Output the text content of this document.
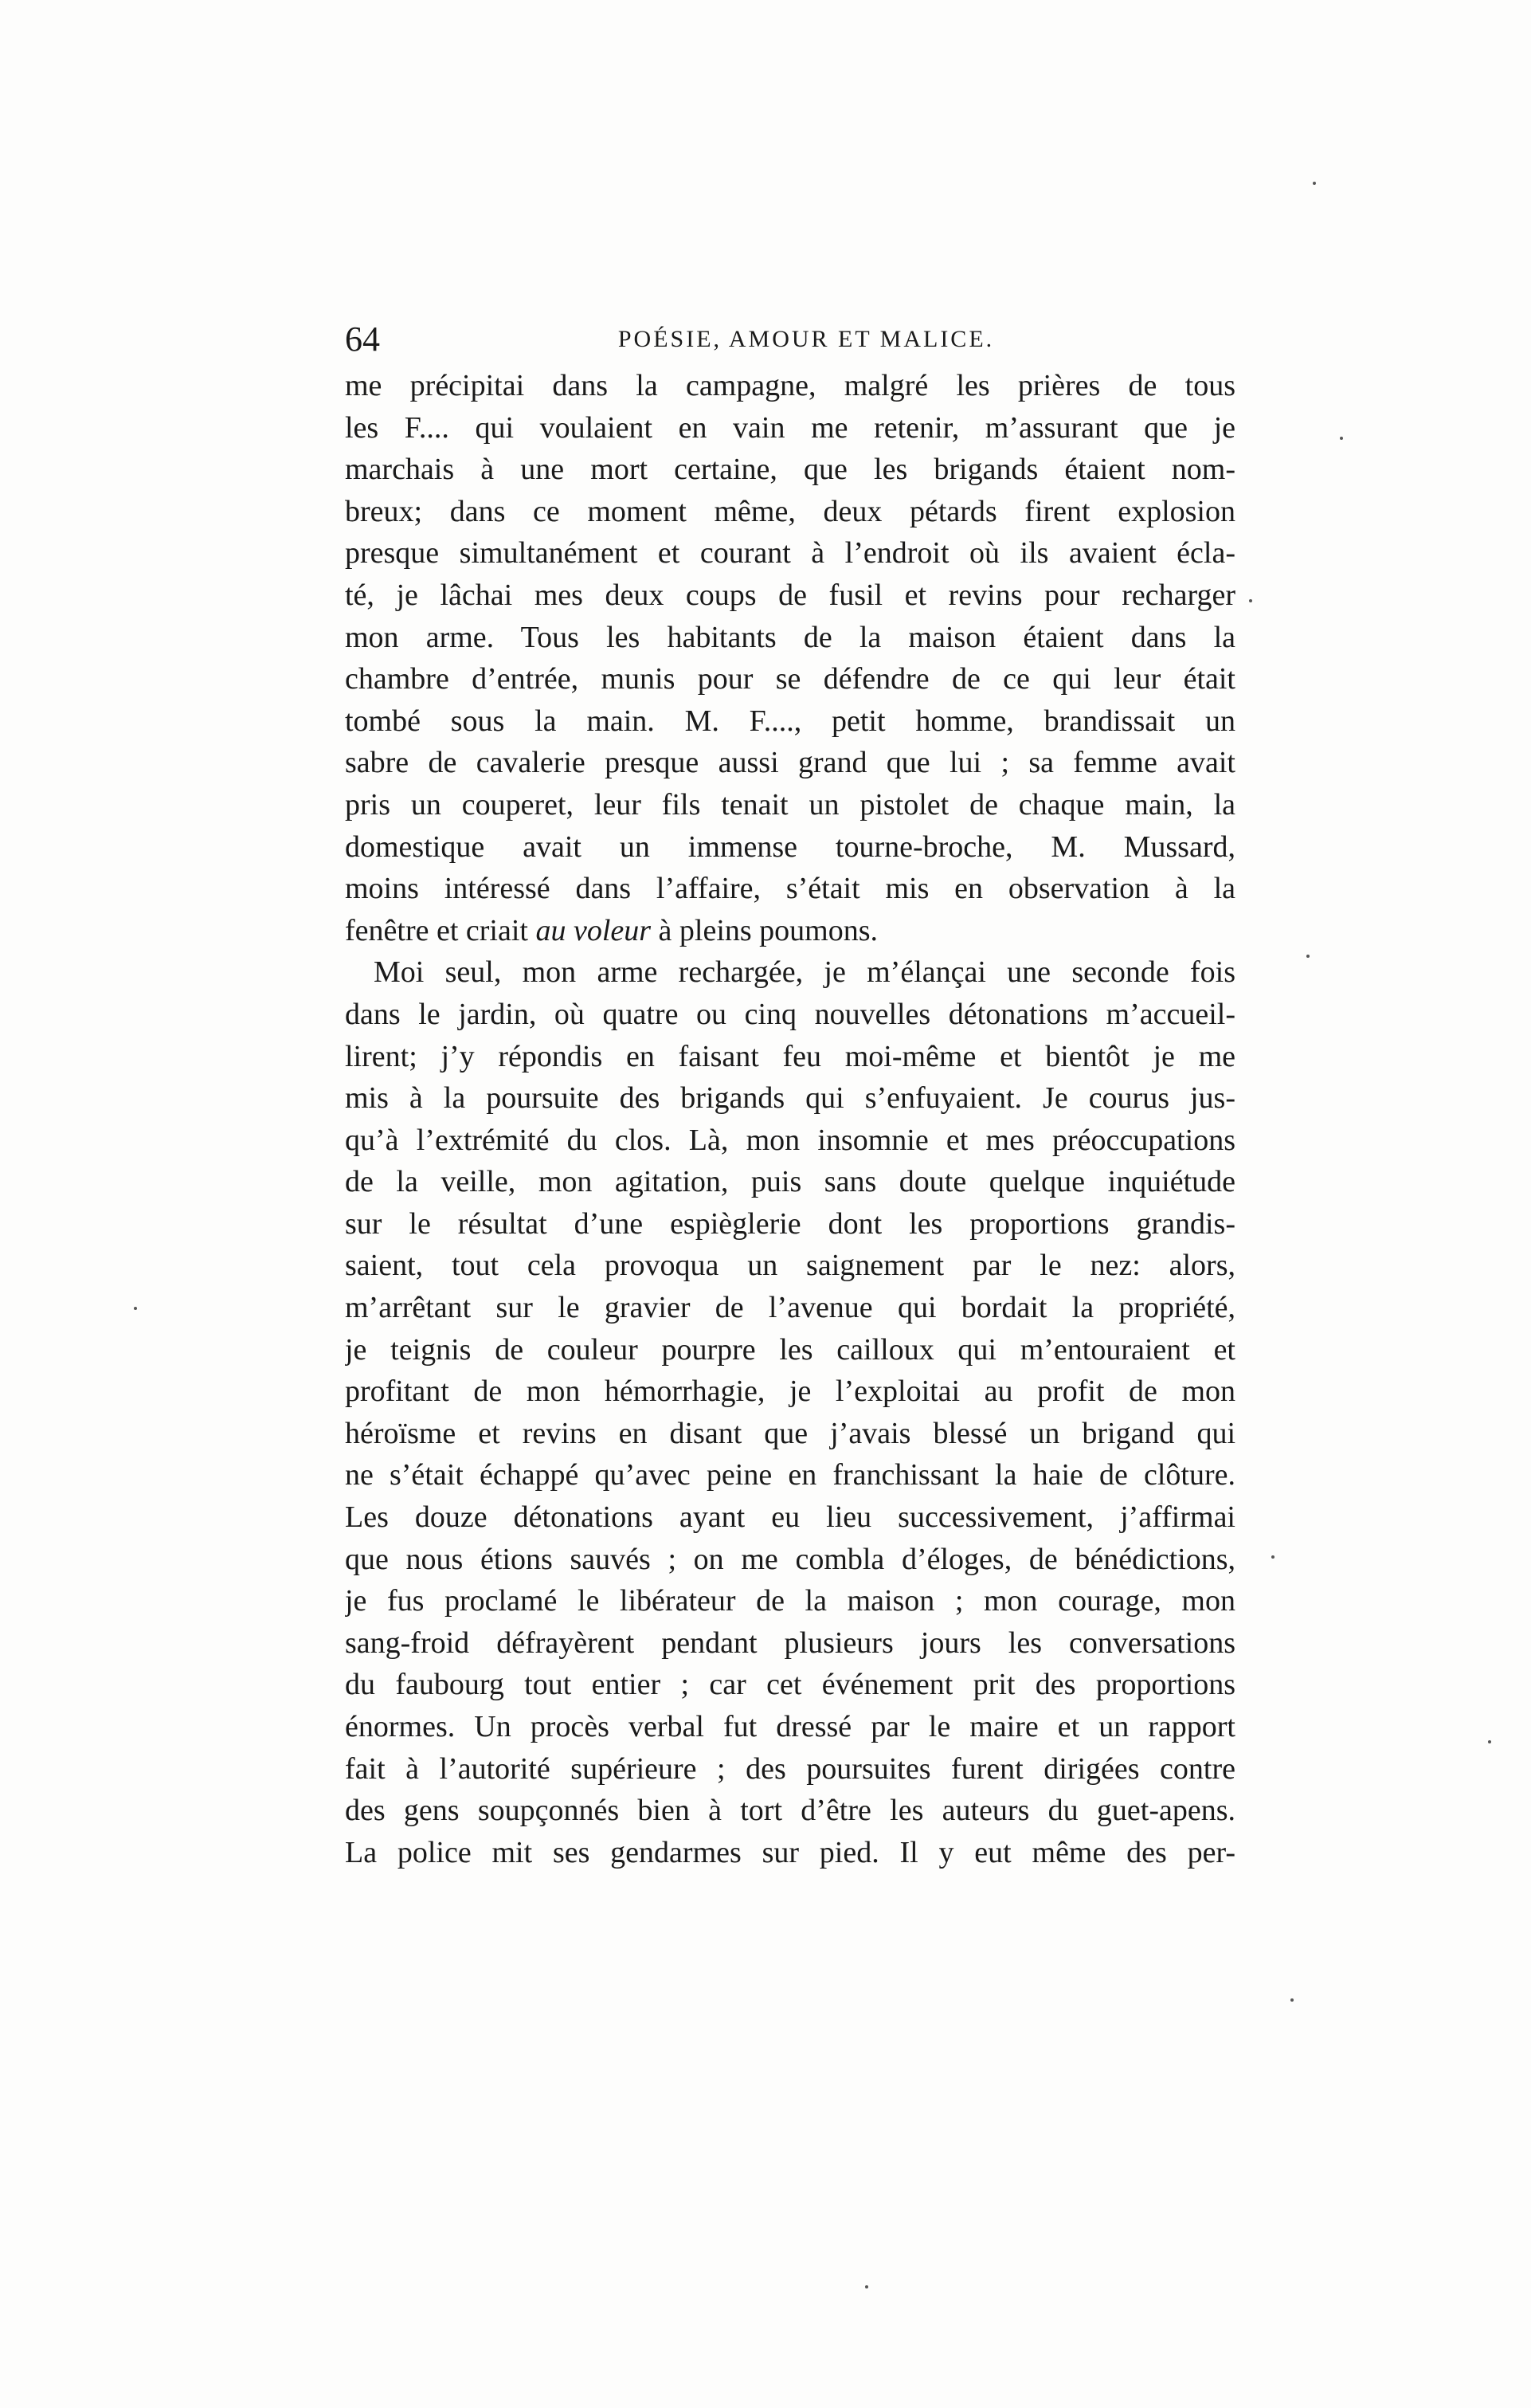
64	POÉSIE, AMOUR ET MALICE.
me précipitai dans la campagne, malgré les prières de tous
les F.... qui voulaient en vain me retenir, m’assurant que je
marchais à une mort certaine, que les brigands étaient nom-
breux; dans ce moment même, deux pétards firent explosion
presque simultanément et courant à l’endroit où ils avaient écla-
té, je lâchai mes deux coups de fusil et revins pour recharger
mon arme. Tous les habitants de la maison étaient dans la
chambre d’entrée, munis pour se défendre de ce qui leur était
tombé sous la main. M. F...., petit homme, brandissait un
sabre de cavalerie presque aussi grand que lui ; sa femme avait
pris un couperet, leur fils tenait un pistolet de chaque main, la
domestique avait un immense tourne-broche, M. Mussard,
moins intéressé dans l’affaire, s’était mis en observation à la
fenêtre et criait au voleur à pleins poumons.
Moi seul, mon arme rechargée, je m’élançai une seconde fois
dans le jardin, où quatre ou cinq nouvelles détonations m’accueil-
lirent; j’y répondis en faisant feu moi-même et bientôt je me
mis à la poursuite des brigands qui s’enfuyaient. Je courus jus-
qu’à l’extrémité du clos. Là, mon insomnie et mes préoccupations
de la veille, mon agitation, puis sans doute quelque inquiétude
sur le résultat d’une espièglerie dont les proportions grandis-
saient, tout cela provoqua un saignement par le nez: alors,
m’arrêtant sur le gravier de l’avenue qui bordait la propriété,
je teignis de couleur pourpre les cailloux qui m’entouraient et
profitant de mon hémorrhagie, je l’exploitai au profit de mon
héroïsme et revins en disant que j’avais blessé un brigand qui
ne s’était échappé qu’avec peine en franchissant la haie de clôture.
Les douze détonations ayant eu lieu successivement, j’affirmai
que nous étions sauvés ; on me combla d’éloges, de bénédictions,
je fus proclamé le libérateur de la maison ; mon courage, mon
sang-froid défrayèrent pendant plusieurs jours les conversations
du faubourg tout entier ; car cet événement prit des proportions
énormes. Un procès verbal fut dressé par le maire et un rapport
fait à l’autorité supérieure ; des poursuites furent dirigées contre
des gens soupçonnés bien à tort d’être les auteurs du guet-apens.
La police mit ses gendarmes sur pied. Il y eut même des per-
